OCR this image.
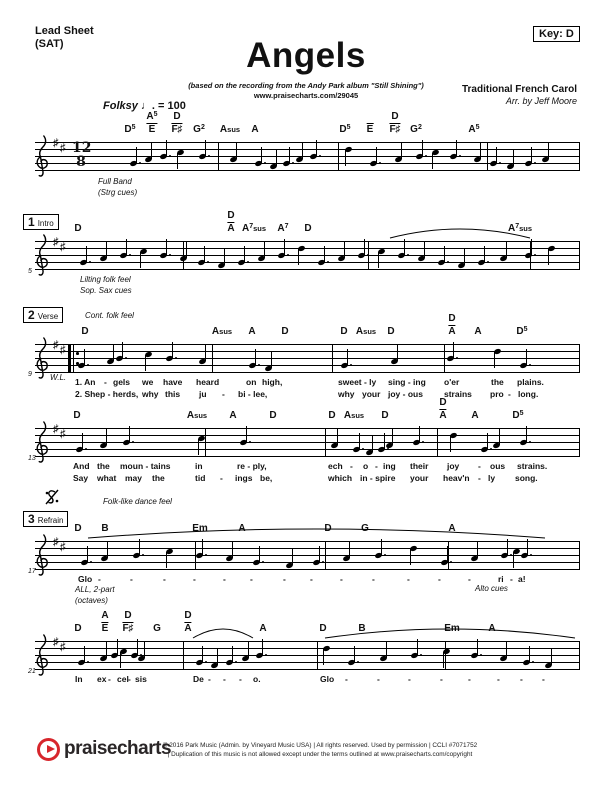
Lead Sheet
(SAT)
Key: D
Angels
(based on the recording from the Andy Park album "Still Shining")
www.praisecharts.com/29045
Traditional French Carol
Arr. by Jeff Moore
Folksy ♩. = 100
♯ ♯ 12
8
$D^5$
$A^5$
E
D
F♯ $G^2$ Asus A	$D^5$ E
D
F♯ $G^2$	$A^5$
Full Band
(Strg cues)
♯ ♯
1 Intro
5
D
D
A $A^7sus$ $A^7$ D	$A^7sus$
Lilting folk feel
Sop. Sax cues
♯ ♯
2 Verse
9
D	Asus A	D	D Asus D
D
A A	$D^5$
Cont. folk feel
W.L. 1. An - gels we have heard	on high,	sweet - ly sing - ing o'er	the plains.
2. Shep - herds, why this ju - bi - lee,	why your joy - ous strains pro - long.
♯ ♯
13
D	Asus A	D	D Asus D
D
A A	$D^5$
And the moun - tains	in	re - ply,	ech - o - ing their joy - ous strains.
Say what may the	tid - ings be,	which in - spire your heav'n - ly song.
♯ ♯
3 Refrain
17
D B	Em	A	D	G	A
Folk-like dance feel
ALL, 2-part
(octaves)
Alto cues
Glo -	-	-	-	-	-	-	-	-	-	-	-	-	ri - a!
♯ ♯
21
D
A
E
D
F♯ G
D
A	A	D	B	Em	A
In ex - cel - sis	De - - - o.	Glo -	-	-	-	-	- - -
praisecharts
© 2016 Park Music (Admin. by Vineyard Music USA) | All rights reserved. Used by permission | CCLI #7071752
| Duplication of this music is not allowed except under the terms outlined at www.praisecharts.com/copyright
